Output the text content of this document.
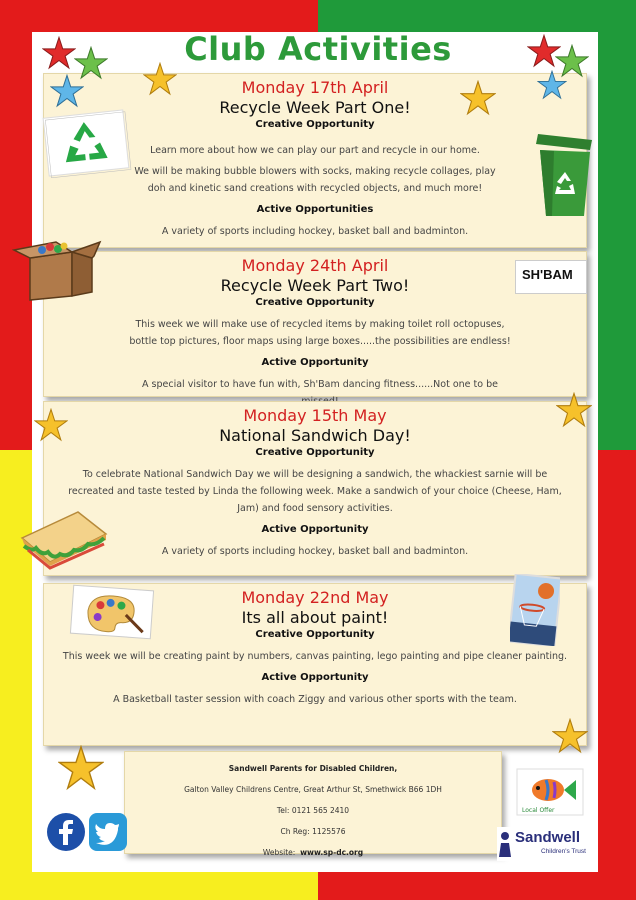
Club Activities
Monday 17th April
Recycle Week Part One!
Creative Opportunity
Learn more about how we can play our part and recycle in our home.
We will be making bubble blowers with socks, making recycle collages, play doh and kinetic sand creations with recycled objects, and much more!
Active Opportunities
A variety of sports including hockey, basket ball and badminton.
Monday 24th April
Recycle Week Part Two!
Creative Opportunity
This week we will make use of recycled items by making toilet roll octopuses, bottle top pictures, floor maps using large boxes.....the possibilities are endless!
Active Opportunity
A special visitor to have fun with, Sh'Bam dancing fitness......Not one to be
Monday 15th May
National Sandwich Day!
Creative Opportunity
To celebrate National Sandwich Day we will be designing a sandwich, the whackiest sarnie will be recreated and taste tested by Linda the following week. Make a sandwich of your choice (Cheese, Ham, Jam) and food sensory activities.
Active Opportunity
A variety of sports including hockey, basket ball and badminton.
Monday 22nd May
Its all about paint!
Creative Opportunity
This week we will be creating paint by numbers, canvas painting, lego painting and pipe cleaner painting.
Active Opportunity
A Basketball taster session with coach Ziggy and various other sports with the team.
Sandwell Parents for Disabled Children,
Galton Valley Childrens Centre, Great Arthur St, Smethwick B66 1DH
Tel: 0121 565 2410
Ch Reg: 1125576
Website: www.sp-dc.org
SH'BAM
Local Offer
Sandwell
Children's Trust
